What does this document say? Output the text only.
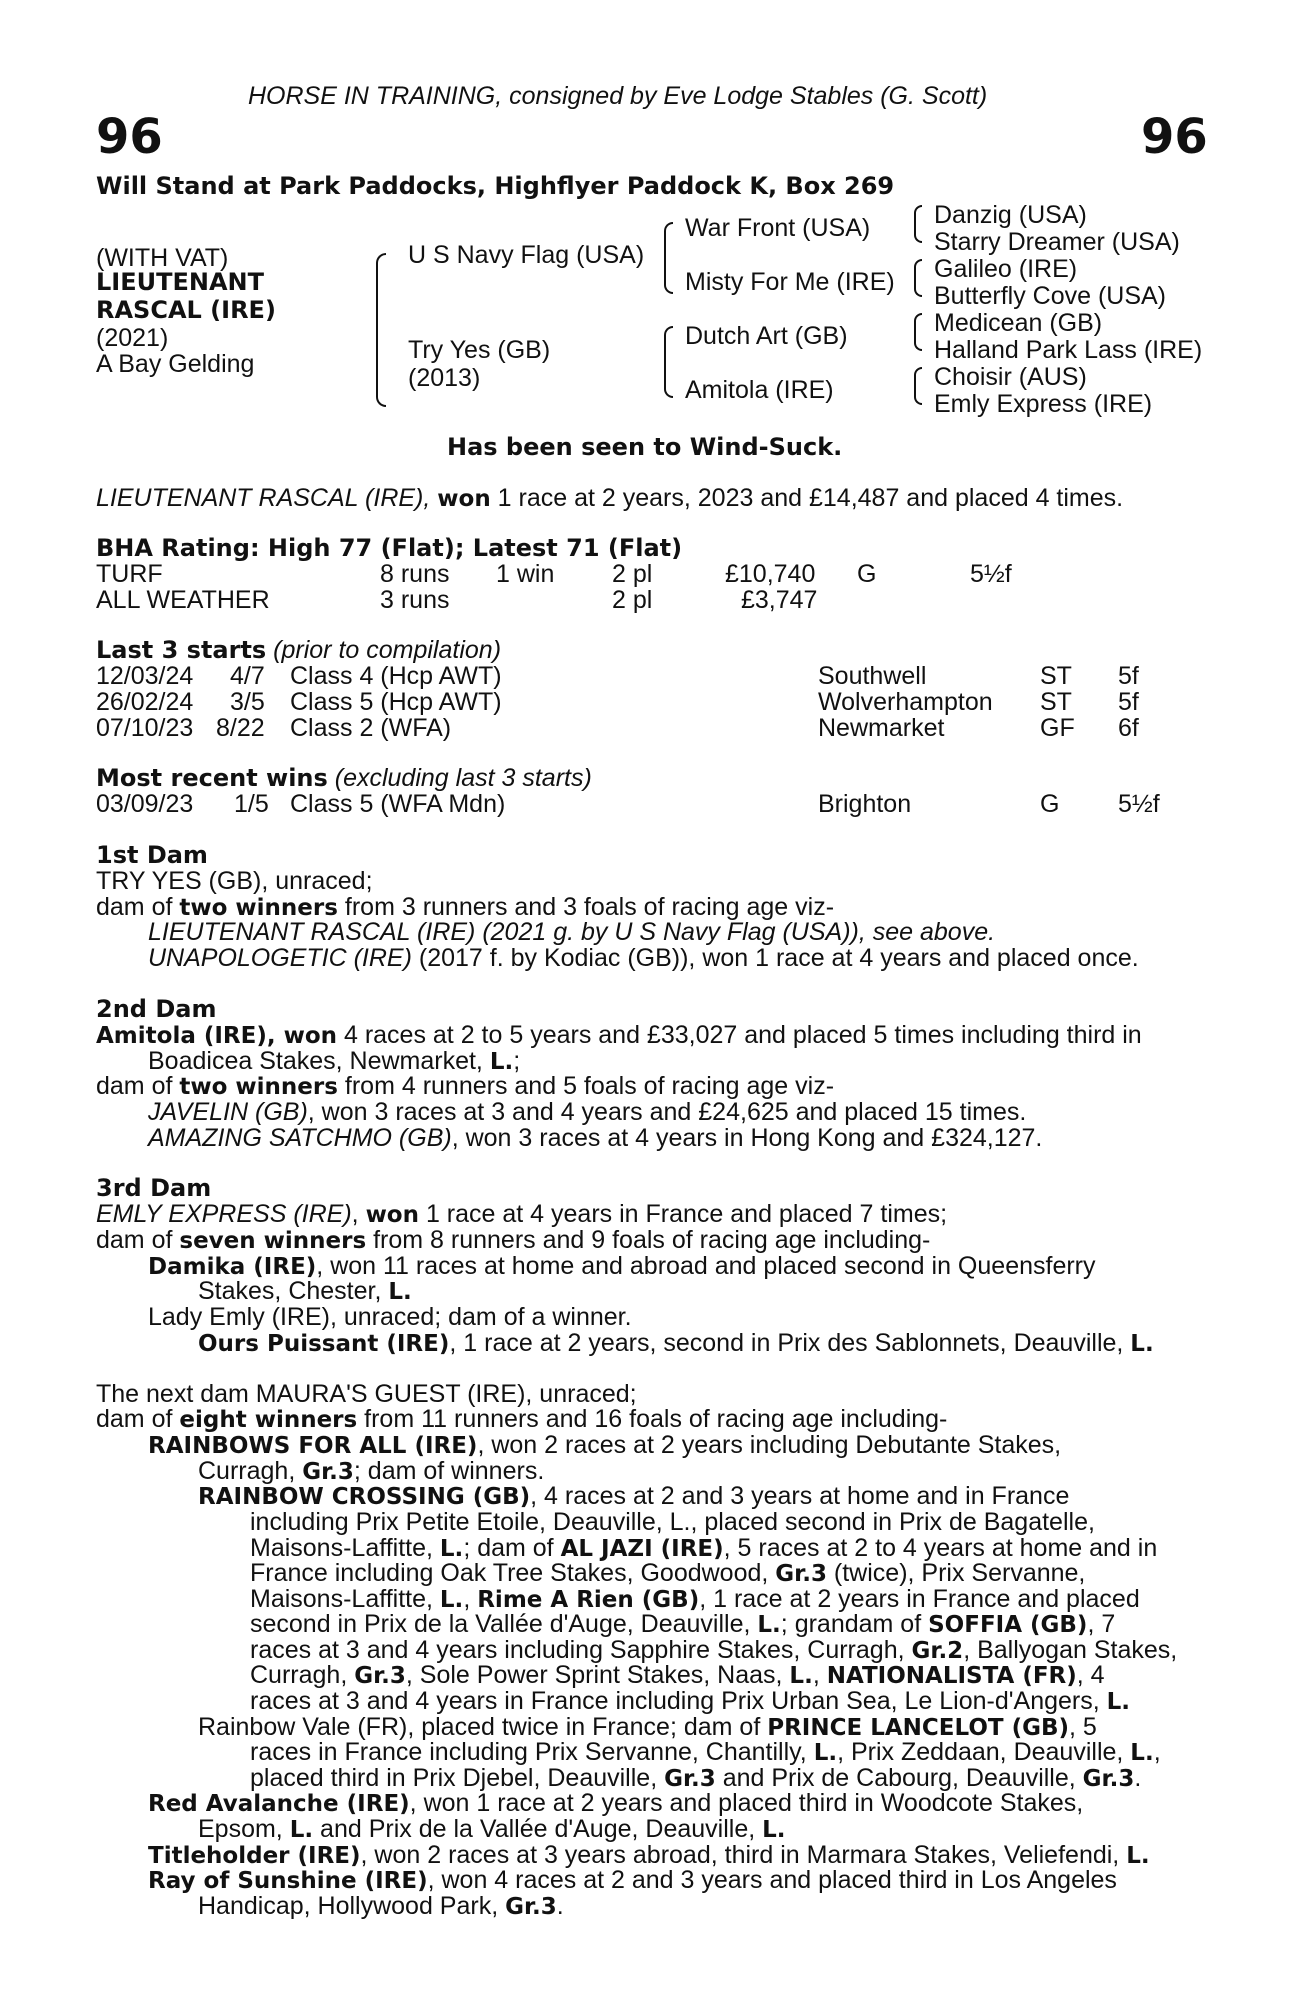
HORSE IN TRAINING, consigned by Eve Lodge Stables (G. Scott)
96	96
Will Stand at Park Paddocks, Highflyer Paddock K, Box 269
(WITH VAT)
LIEUTENANT
RASCAL (IRE)
(2021)
A Bay Gelding
U S Navy Flag (USA)
Try Yes (GB)
(2013)
War Front (USA)
Misty For Me (IRE)
Dutch Art (GB)
Amitola (IRE)
Danzig (USA)
Starry Dreamer (USA)
Galileo (IRE)
Butterfly Cove (USA)
Medicean (GB)
Halland Park Lass (IRE)
Choisir (AUS)
Emly Express (IRE)
Has been seen to Wind-Suck.
LIEUTENANT RASCAL (IRE), won 1 race at 2 years, 2023 and £14,487 and placed 4 times.
BHA Rating: High 77 (Flat); Latest 71 (Flat)
TURF	8 runs 1 win 2 pl	£10,740 G	5½f
ALL WEATHER	3 runs	2 pl	£3,747
Last 3 starts (prior to compilation)
12/03/24 4/7 Class 4 (Hcp AWT)	Southwell	ST 5f
26/02/24 3/5 Class 5 (Hcp AWT)	Wolverhampton ST 5f
07/10/23 8/22 Class 2 (WFA)	Newmarket	GF 6f
Most recent wins (excluding last 3 starts)
03/09/23 1/5 Class 5 (WFA Mdn)	Brighton	G 5½f
1st Dam
TRY YES (GB), unraced;
dam of two winners from 3 runners and 3 foals of racing age viz-
LIEUTENANT RASCAL (IRE) (2021 g. by U S Navy Flag (USA)), see above.
UNAPOLOGETIC (IRE) (2017 f. by Kodiac (GB)), won 1 race at 4 years and placed once.
2nd Dam
Amitola (IRE), won 4 races at 2 to 5 years and £33,027 and placed 5 times including third in
Boadicea Stakes, Newmarket, L.;
dam of two winners from 4 runners and 5 foals of racing age viz-
JAVELIN (GB), won 3 races at 3 and 4 years and £24,625 and placed 15 times.
AMAZING SATCHMO (GB), won 3 races at 4 years in Hong Kong and £324,127.
3rd Dam
EMLY EXPRESS (IRE), won 1 race at 4 years in France and placed 7 times;
dam of seven winners from 8 runners and 9 foals of racing age including-
Damika (IRE), won 11 races at home and abroad and placed second in Queensferry
Stakes, Chester, L.
Lady Emly (IRE), unraced; dam of a winner.
Ours Puissant (IRE), 1 race at 2 years, second in Prix des Sablonnets, Deauville, L.
The next dam MAURA'S GUEST (IRE), unraced;
dam of eight winners from 11 runners and 16 foals of racing age including-
RAINBOWS FOR ALL (IRE), won 2 races at 2 years including Debutante Stakes,
Curragh, Gr.3; dam of winners.
RAINBOW CROSSING (GB), 4 races at 2 and 3 years at home and in France
including Prix Petite Etoile, Deauville, L., placed second in Prix de Bagatelle,
Maisons-Laffitte, L.; dam of AL JAZI (IRE), 5 races at 2 to 4 years at home and in
France including Oak Tree Stakes, Goodwood, Gr.3 (twice), Prix Servanne,
Maisons-Laffitte, L., Rime A Rien (GB), 1 race at 2 years in France and placed
second in Prix de la Vallée d'Auge, Deauville, L.; grandam of SOFFIA (GB), 7
races at 3 and 4 years including Sapphire Stakes, Curragh, Gr.2, Ballyogan Stakes,
Curragh, Gr.3, Sole Power Sprint Stakes, Naas, L., NATIONALISTA (FR), 4
races at 3 and 4 years in France including Prix Urban Sea, Le Lion-d'Angers, L.
Rainbow Vale (FR), placed twice in France; dam of PRINCE LANCELOT (GB), 5
races in France including Prix Servanne, Chantilly, L., Prix Zeddaan, Deauville, L.,
placed third in Prix Djebel, Deauville, Gr.3 and Prix de Cabourg, Deauville, Gr.3.
Red Avalanche (IRE), won 1 race at 2 years and placed third in Woodcote Stakes,
Epsom, L. and Prix de la Vallée d'Auge, Deauville, L.
Titleholder (IRE), won 2 races at 3 years abroad, third in Marmara Stakes, Veliefendi, L.
Ray of Sunshine (IRE), won 4 races at 2 and 3 years and placed third in Los Angeles
Handicap, Hollywood Park, Gr.3.
